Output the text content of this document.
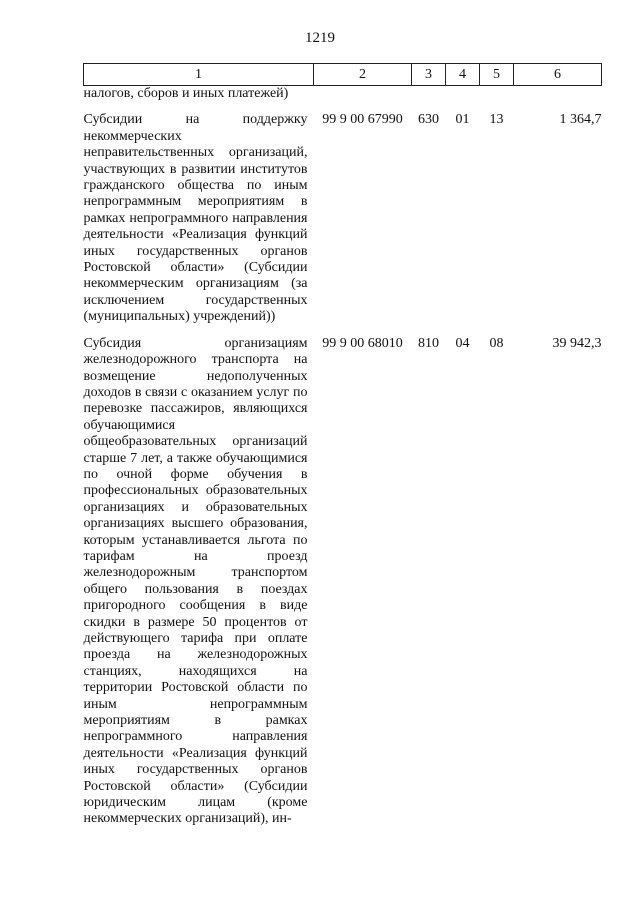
1219
1	2	3	4	5	6
налогов, сборов и иных платежей)					
Субсидии на поддержку некоммерческих неправительственных организаций, участвующих в развитии институтов гражданского общества по иным непрограммным мероприятиям в рамках непрограммного направления деятельности «Реализация функций иных государственных органов Ростовской области» (Субсидии некоммерческим организациям (за исключением государственных (муниципальных) учреждений))	99 9 00 67990	630	01	13	1 364,7
Субсидия организациям железнодорожного транспорта на возмещение недополученных доходов в связи с оказанием услуг по перевозке пассажиров, являющихся обучающимися общеобразовательных организаций старше 7 лет, а также обучающимися по очной форме обучения в профессиональных образовательных организациях и образовательных организациях высшего образования, которым устанавливается льгота по тарифам на проезд железнодорожным транспортом общего пользования в поездах пригородного сообщения в виде скидки в размере 50 процентов от действующего тарифа при оплате проезда на железнодорожных станциях, находящихся на территории Ростовской области по иным непрограммным мероприятиям в рамках непрограммного направления деятельности «Реализация функций иных государственных органов Ростовской области» (Субсидии юридическим лицам (кроме некоммерческих организаций), ин-	99 9 00 68010	810	04	08	39 942,3
